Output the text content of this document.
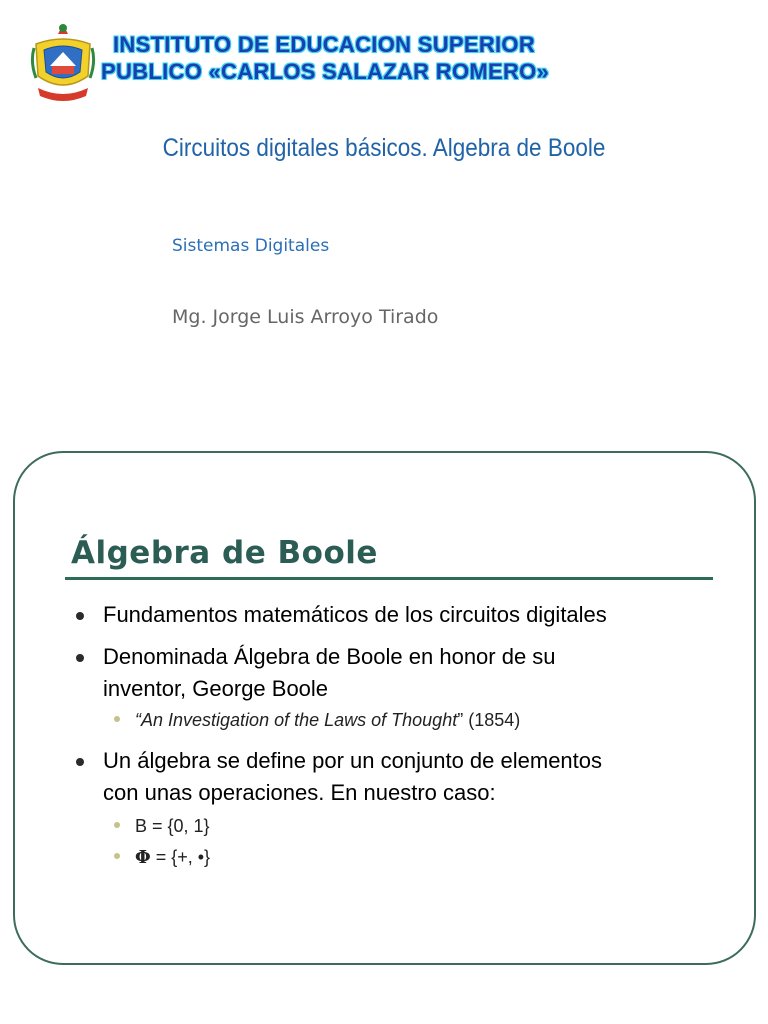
INSTITUTO DE EDUCACION SUPERIOR
PUBLICO «CARLOS SALAZAR ROMERO»
Circuitos digitales básicos. Algebra de Boole
Sistemas Digitales
Mg. Jorge Luis Arroyo Tirado
Álgebra de Boole
Fundamentos matemáticos de los circuitos digitales
Denominada Álgebra de Boole en honor de su
inventor, George Boole
“An Investigation of the Laws of Thought” (1854)
Un álgebra se define por un conjunto de elementos
con unas operaciones. En nuestro caso:
B = {0, 1}
Φ = {+, •}
